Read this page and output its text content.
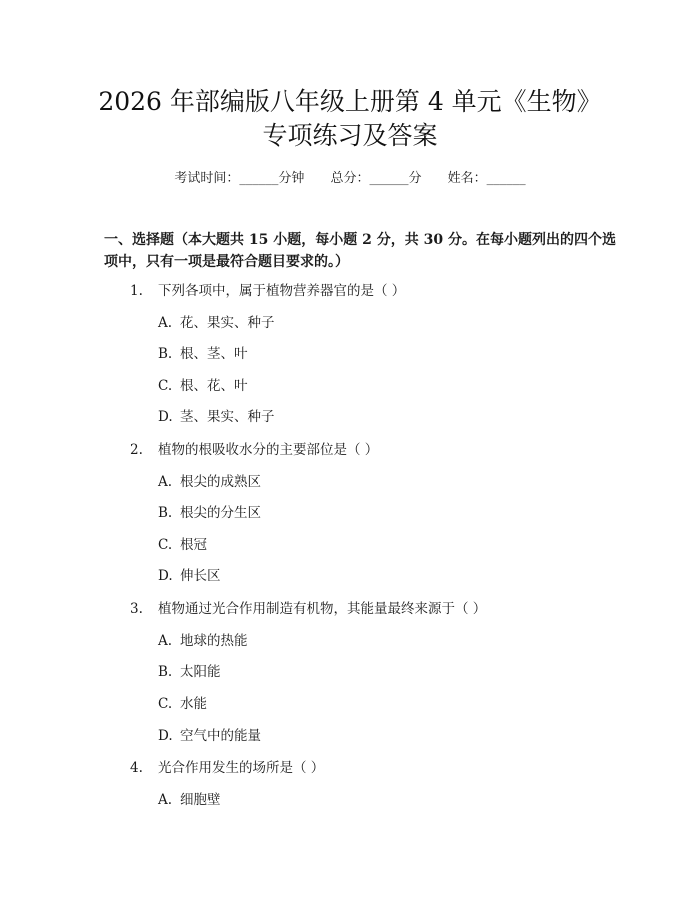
2026 年部编版八年级上册第 4 单元《生物》
专项练习及答案
考试时间：______分钟 总分：______分 姓名：______
一、选择题（本大题共 15 小题，每小题 2 分，共 30 分。在每小题列出的四个选
项中，只有一项是最符合题目要求的。）
1. 下列各项中，属于植物营养器官的是（ ）
A. 花、果实、种子
B. 根、茎、叶
C. 根、花、叶
D. 茎、果实、种子
2. 植物的根吸收水分的主要部位是（ ）
A. 根尖的成熟区
B. 根尖的分生区
C. 根冠
D. 伸长区
3. 植物通过光合作用制造有机物，其能量最终来源于（ ）
A. 地球的热能
B. 太阳能
C. 水能
D. 空气中的能量
4. 光合作用发生的场所是（ ）
A. 细胞壁
